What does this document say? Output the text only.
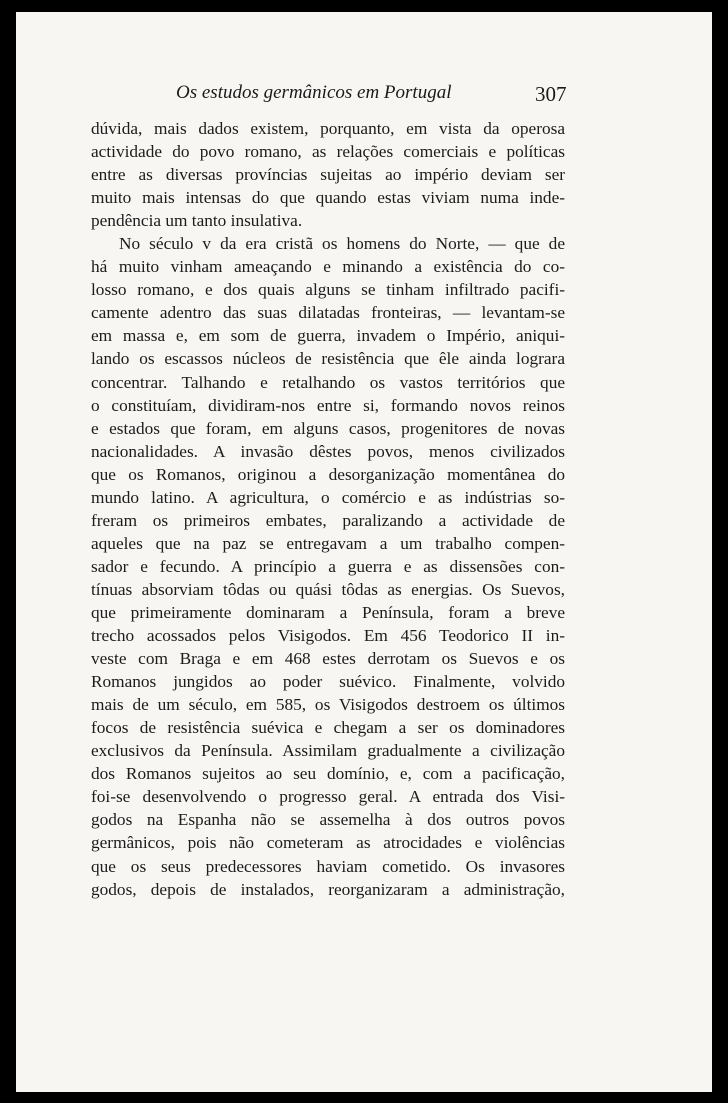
Os estudos germânicos em Portugal	307
dúvida, mais dados existem, porquanto, em vista da operosa
actividade do povo romano, as relações comerciais e políticas
entre as diversas províncias sujeitas ao império deviam ser
muito mais intensas do que quando estas viviam numa inde-
pendência um tanto insulativa.
No século v da era cristã os homens do Norte, — que de
há muito vinham ameaçando e minando a existência do co-
losso romano, e dos quais alguns se tinham infiltrado pacifi-
camente adentro das suas dilatadas fronteiras, — levantam-se
em massa e, em som de guerra, invadem o Império, aniqui-
lando os escassos núcleos de resistência que êle ainda lograra
concentrar. Talhando e retalhando os vastos territórios que
o constituíam, dividiram-nos entre si, formando novos reinos
e estados que foram, em alguns casos, progenitores de novas
nacionalidades. A invasão dêstes povos, menos civilizados
que os Romanos, originou a desorganização momentânea do
mundo latino. A agricultura, o comércio e as indústrias so-
freram os primeiros embates, paralizando a actividade de
aqueles que na paz se entregavam a um trabalho compen-
sador e fecundo. A princípio a guerra e as dissensões con-
tínuas absorviam tôdas ou quási tôdas as energias. Os Suevos,
que primeiramente dominaram a Península, foram a breve
trecho acossados pelos Visigodos. Em 456 Teodorico II in-
veste com Braga e em 468 estes derrotam os Suevos e os
Romanos jungidos ao poder suévico. Finalmente, volvido
mais de um século, em 585, os Visigodos destroem os últimos
focos de resistência suévica e chegam a ser os dominadores
exclusivos da Península. Assimilam gradualmente a civilização
dos Romanos sujeitos ao seu domínio, e, com a pacificação,
foi-se desenvolvendo o progresso geral. A entrada dos Visi-
godos na Espanha não se assemelha à dos outros povos
germânicos, pois não cometeram as atrocidades e violências
que os seus predecessores haviam cometido. Os invasores
godos, depois de instalados, reorganizaram a administração,
